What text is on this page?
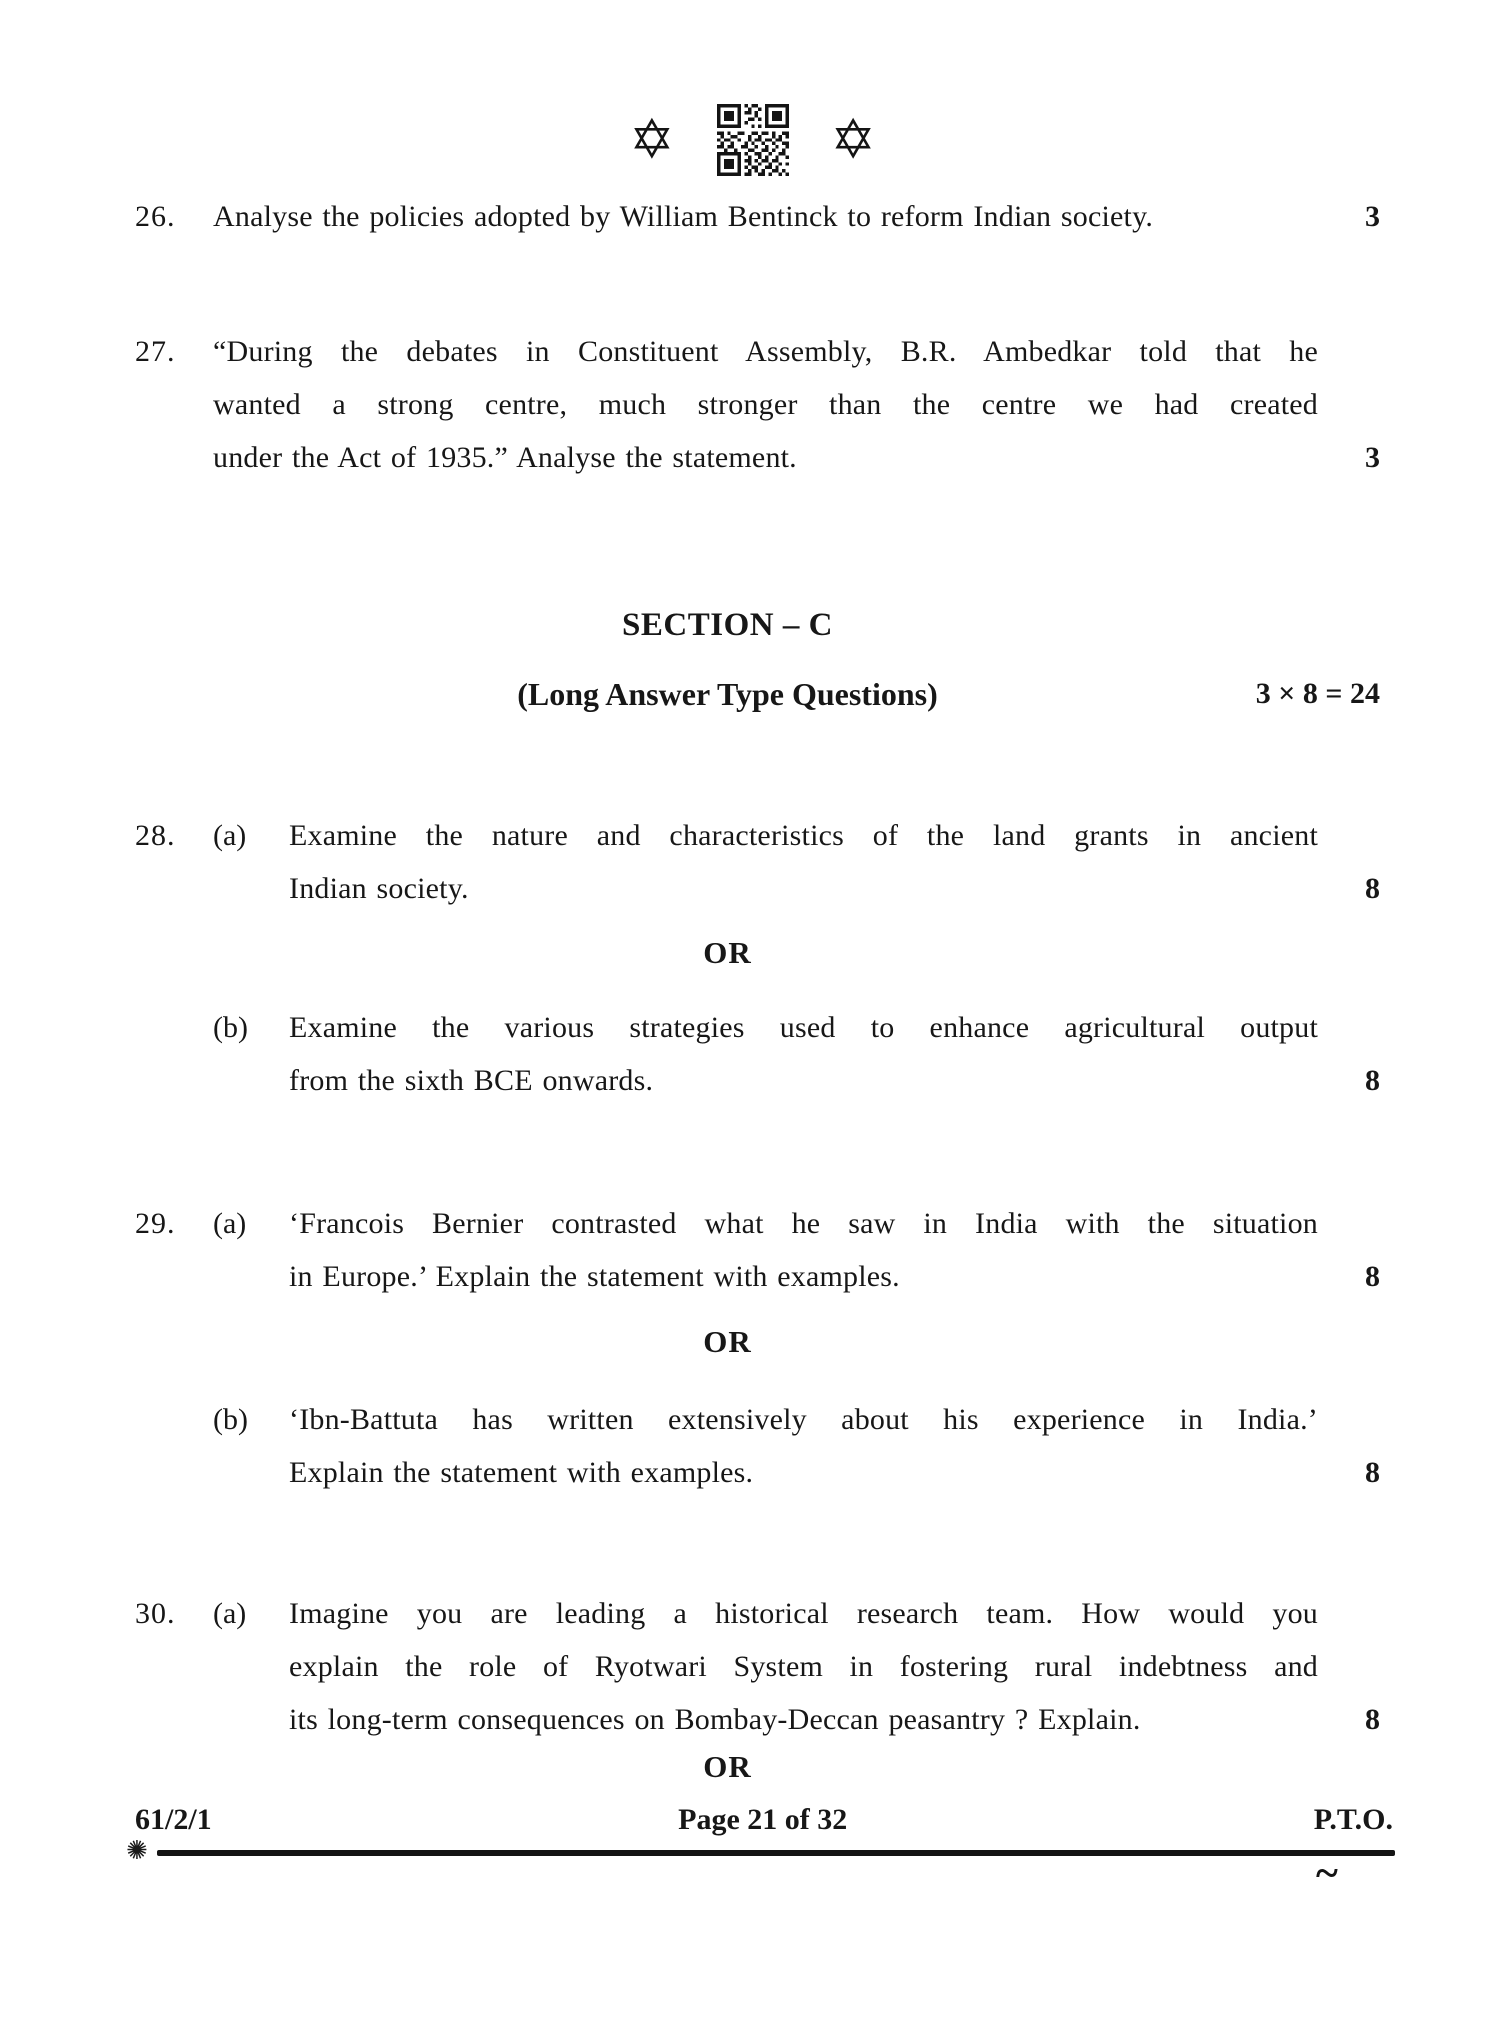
✡	✡
26.	Analyse the policies adopted by William Bentinck to reform Indian society.	3
27.	“During the debates in Constituent Assembly, B.R. Ambedkar told that he
wanted a strong centre, much stronger than the centre we had created
under the Act of 1935.” Analyse the statement.	3
SECTION – C
(Long Answer Type Questions)	3 × 8 = 24
28.	(a)	Examine the nature and characteristics of the land grants in ancient
Indian society.	8
OR
(b)	Examine the various strategies used to enhance agricultural output
from the sixth BCE onwards.	8
29.	(a)	‘Francois Bernier contrasted what he saw in India with the situation
in Europe.’ Explain the statement with examples.	8
OR
(b)	‘Ibn-Battuta has written extensively about his experience in India.’
Explain the statement with examples.	8
30.	(a)	Imagine you are leading a historical research team. How would you
explain the role of Ryotwari System in fostering rural indebtness and
its long-term consequences on Bombay-Deccan peasantry ? Explain.	8
OR
61/2/1	Page 21 of 32	P.T.O.
✺	~
